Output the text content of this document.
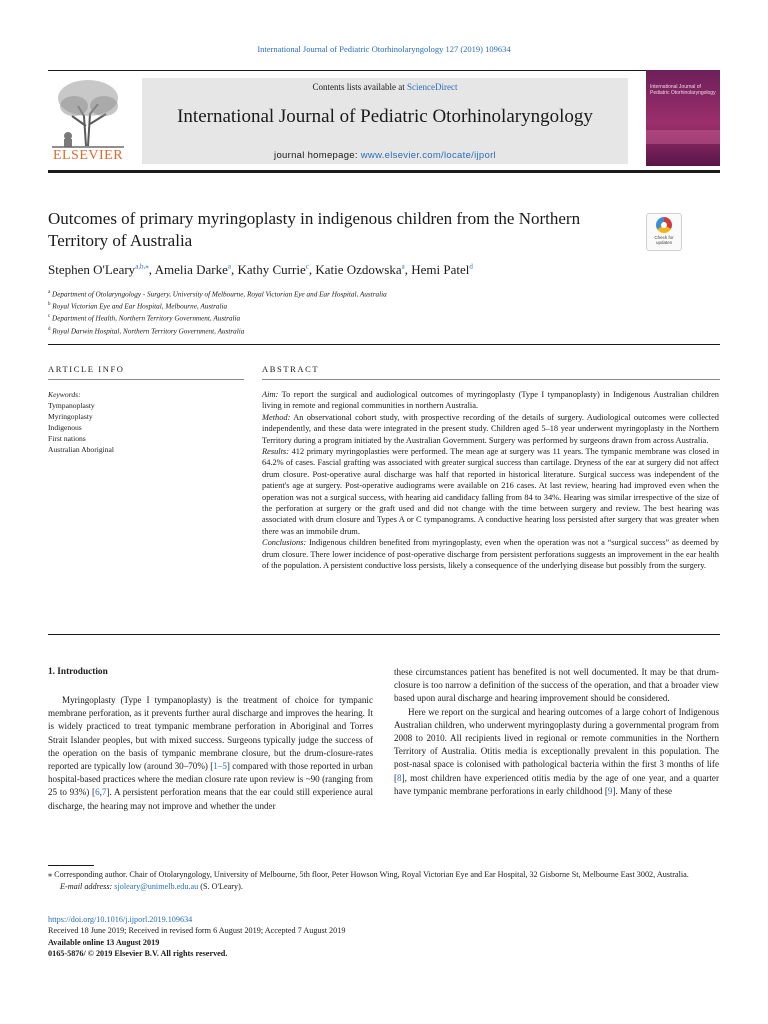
International Journal of Pediatric Otorhinolaryngology 127 (2019) 109634
ELSEVIER
Contents lists available at ScienceDirect
International Journal of Pediatric Otorhinolaryngology
journal homepage: www.elsevier.com/locate/ijporl
International Journal of Pediatric Otorhinolaryngology
Outcomes of primary myringoplasty in indigenous children from the Northern Territory of Australia	Check for updates
Stephen O'Leary$^{a,b,⁎}$, Amelia Darke$^a$, Kathy Currie$^c$, Katie Ozdowska$^a$, Hemi Patel$^d$
$^a$ Department of Otolaryngology - Surgery, University of Melbourne, Royal Victorian Eye and Ear Hospital, Australia
$^b$ Royal Victorian Eye and Ear Hospital, Melbourne, Australia
$^c$ Department of Health, Northern Territory Government, Australia
$^d$ Royal Darwin Hospital, Northern Territory Government, Australia
ARTICLE INFO	ABSTRACT
Keywords:
Tympanoplasty
Myringoplasty
Indigenous
First nations
Australian Aboriginal

Aim: To report the surgical and audiological outcomes of myringoplasty (Type I tympanoplasty) in Indigenous Australian children living in remote and regional communities in northern Australia.

Method: An observational cohort study, with prospective recording of the details of surgery. Audiological outcomes were collected independently, and these data were integrated in the present study. Children aged 5–18 year underwent myringoplasty in the Northern Territory during a program initiated by the Australian Government. Surgery was performed by surgeons drawn from across Australia.

Results: 412 primary myringoplasties were performed. The mean age at surgery was 11 years. The tympanic membrane was closed in 64.2% of cases. Fascial grafting was associated with greater surgical success than cartilage. Dryness of the ear at surgery did not affect drum closure. Post-operative aural discharge was half that reported in historical literature. Surgical success was independent of the patient's age at surgery. Post-operative audiograms were available on 216 cases. At last review, hearing had improved even when the operation was not a surgical success, with hearing aid candidacy falling from 84 to 34%. Hearing was similar irrespective of the size of the perforation at surgery or the graft used and did not change with the time between surgery and review. The best hearing was associated with drum closure and Types A or C tympanograms. A conductive hearing loss persisted after surgery that was greater when there was an immobile drum.

Conclusions: Indigenous children benefited from myringoplasty, even when the operation was not a “surgical success” as deemed by drum closure. There lower incidence of post-operative discharge from persistent perforations suggests an improvement in the ear health of the population. A persistent conductive loss persists, likely a consequence of the underlying disease but possibly from the surgery.

1. Introduction

Myringoplasty (Type I tympanoplasty) is the treatment of choice for tympanic membrane perforation, as it prevents further aural discharge and improves the hearing. It is widely practiced to treat tympanic membrane perforation in Aboriginal and Torres Strait Islander peoples, but with mixed success. Surgeons typically judge the success of the operation on the basis of tympanic membrane closure, but the drum-closure-rates reported are typically low (around 30–70%) [1–5] compared with those reported in urban hospital-based practices where the median closure rate upon review is ~90 (ranging from 25 to 93%) [6,7]. A persistent perforation means that the ear could still experience aural discharge, the hearing may not improve and whether the under

these circumstances patient has benefited is not well documented. It may be that drum-closure is too narrow a definition of the success of the operation, and that a broader view based upon aural discharge and hearing improvement should be considered.

Here we report on the surgical and hearing outcomes of a large cohort of Indigenous Australian children, who underwent myringoplasty during a governmental program from 2008 to 2010. All recipients lived in regional or remote communities in the Northern Territory of Australia. Otitis media is exceptionally prevalent in this population. The post-nasal space is colonised with pathological bacteria within the first 3 months of life [8], most children have experienced otitis media by the age of one year, and a quarter have tympanic membrane perforations in early childhood [9]. Many of these

⁎ Corresponding author. Chair of Otolaryngology, University of Melbourne, 5th floor, Peter Howson Wing, Royal Victorian Eye and Ear Hospital, 32 Gisborne St, Melbourne East 3002, Australia.

E-mail address: sjoleary@unimelb.edu.au (S. O'Leary).

https://doi.org/10.1016/j.ijporl.2019.109634

Received 18 June 2019; Received in revised form 6 August 2019; Accepted 7 August 2019

Available online 13 August 2019

0165-5876/ © 2019 Elsevier B.V. All rights reserved.
